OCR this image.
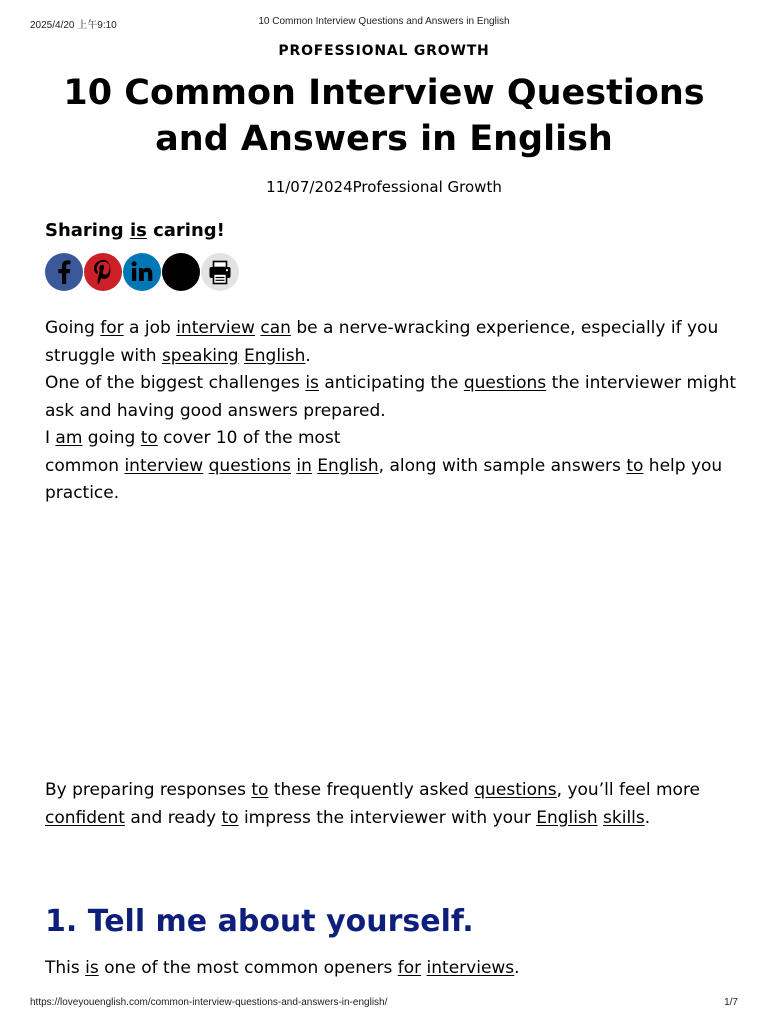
2025/4/20 上午9:10	10 Common Interview Questions and Answers in English
PROFESSIONAL GROWTH
10 Common Interview Questions and Answers in English
11/07/2024Professional Growth
Sharing is caring!

Going for a job interview can be a nerve-wracking experience, especially if you struggle with speaking English.
One of the biggest challenges is anticipating the questions the interviewer might ask and having good answers prepared.
I am going to cover 10 of the most
common interview questions in English, along with sample answers to help you practice.

By preparing responses to these frequently asked questions, you’ll feel more confident and ready to impress the interviewer with your English skills.

1. Tell me about yourself.

This is one of the most common openers for interviews.

https://loveyouenglish.com/common-interview-questions-and-answers-in-english/	1/7
